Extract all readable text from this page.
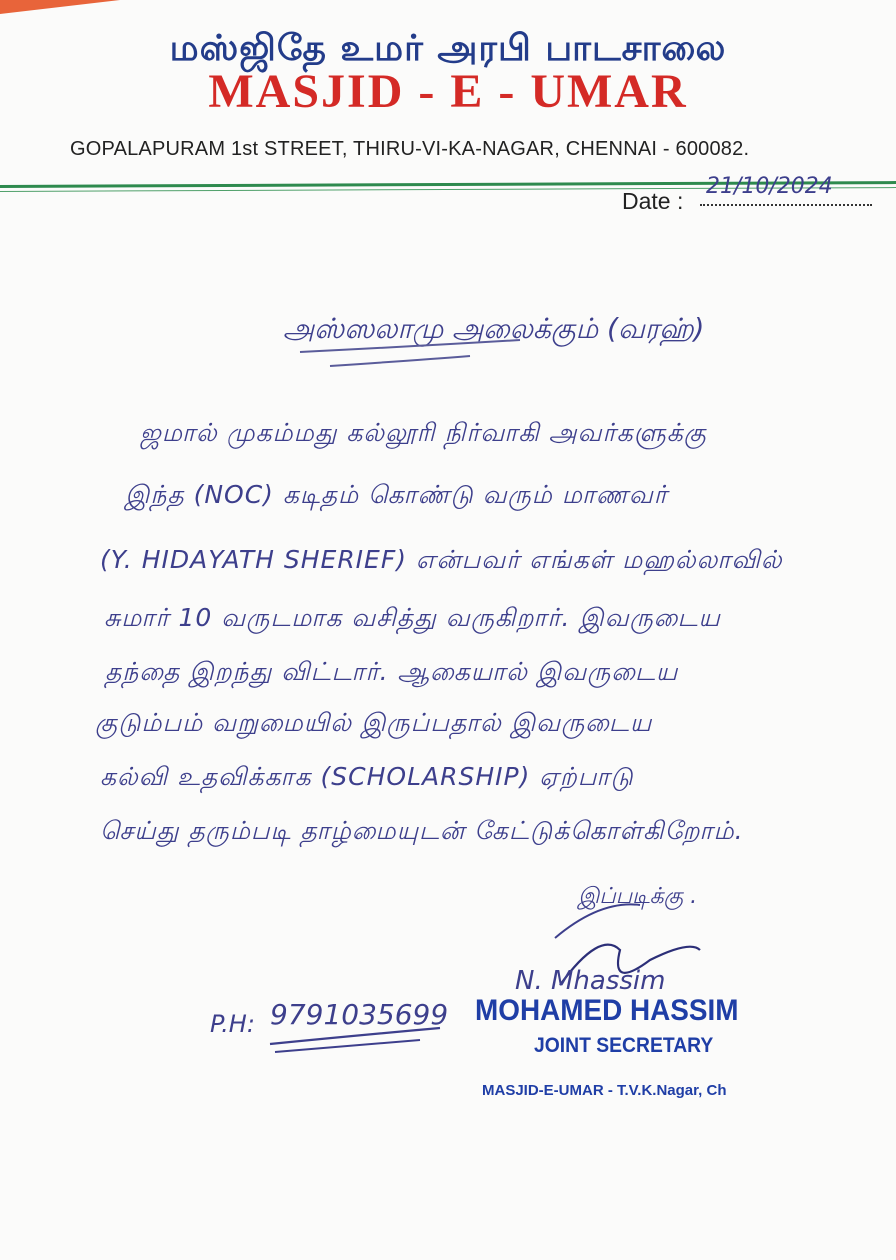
மஸ்ஜிதே உமர் அரபி பாடசாலை
MASJID - E - UMAR
GOPALAPURAM 1st STREET, THIRU-VI-KA-NAGAR, CHENNAI - 600082.
Date :
21/10/2024
அஸ்ஸலாமு அலைக்கும் (வரஹ்)
ஜமால் முகம்மது கல்லூரி நிர்வாகி அவர்களுக்கு
இந்த (NOC) கடிதம் கொண்டு வரும் மாணவர்
(Y. HIDAYATH SHERIEF) என்பவர் எங்கள் மஹல்லாவில்
சுமார் 10 வருடமாக வசித்து வருகிறார். இவருடைய
தந்தை இறந்து விட்டார். ஆகையால் இவருடைய
குடும்பம் வறுமையில் இருப்பதால் இவருடைய
கல்வி உதவிக்காக (SCHOLARSHIP) ஏற்பாடு
செய்து தரும்படி தாழ்மையுடன் கேட்டுக்கொள்கிறோம்.
இப்படிக்கு .
P.H: 9791035699
N. Mhassim
MOHAMED HASSIM
JOINT SECRETARY
MASJID-E-UMAR - T.V.K.Nagar, Ch
